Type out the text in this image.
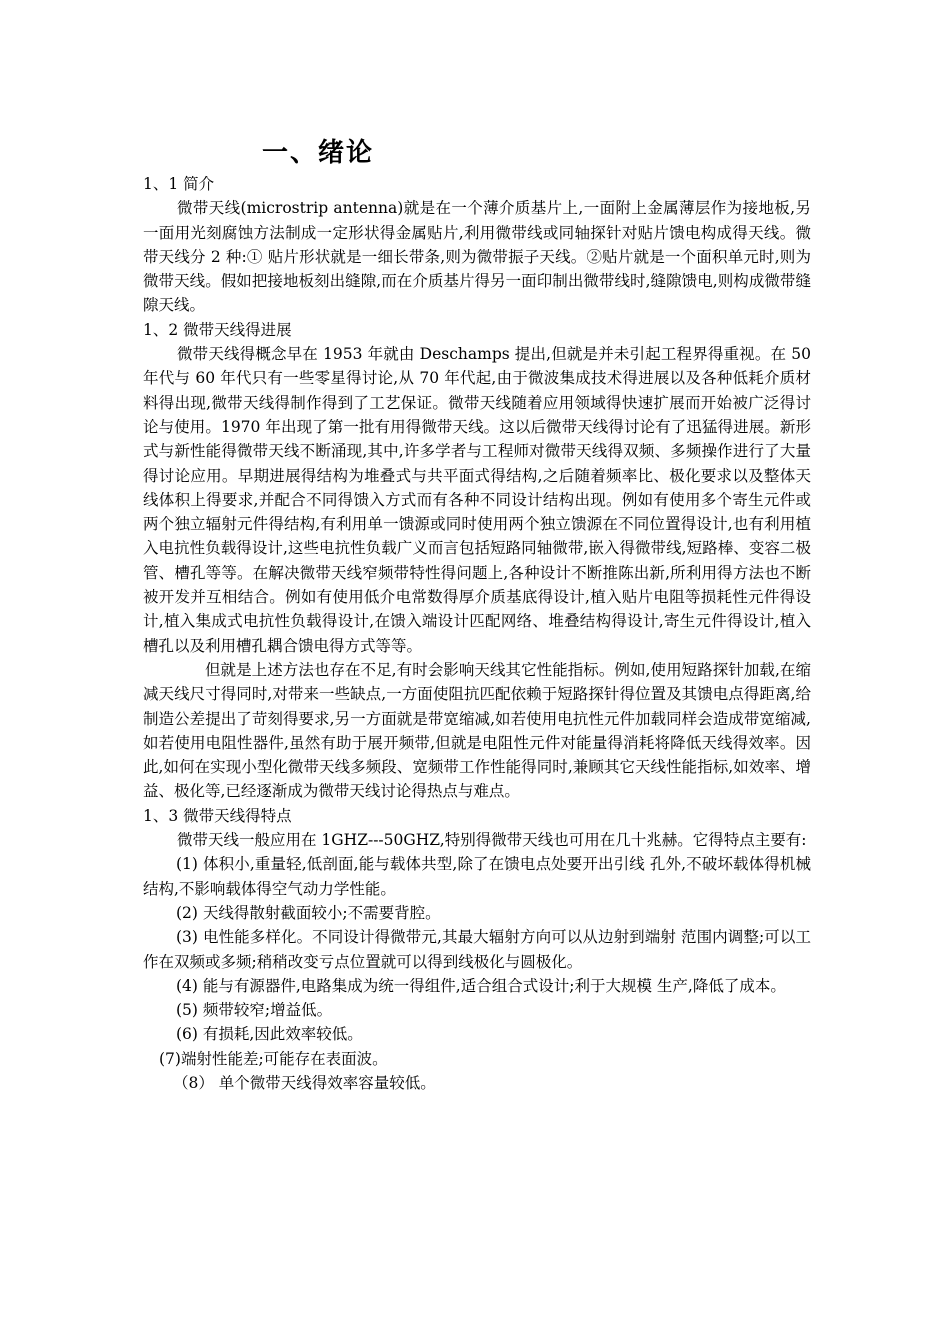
一、绪论

1、1 简介

微带天线(microstrip antenna)就是在一个薄介质基片上,一面附上金属薄层作为接地板,另一面用光刻腐蚀方法制成一定形状得金属贴片,利用微带线或同轴探针对贴片馈电构成得天线。微带天线分 2 种:① 贴片形状就是一细长带条,则为微带振子天线。②贴片就是一个面积单元时,则为微带天线。假如把接地板刻出缝隙,而在介质基片得另一面印制出微带线时,缝隙馈电,则构成微带缝隙天线。

1、2 微带天线得进展

微带天线得概念早在 1953 年就由 Deschamps 提出,但就是并未引起工程界得重视。在 50 年代与 60 年代只有一些零星得讨论,从 70 年代起,由于微波集成技术得进展以及各种低耗介质材料得出现,微带天线得制作得到了工艺保证。微带天线随着应用领域得快速扩展而开始被广泛得讨论与使用。1970 年出现了第一批有用得微带天线。这以后微带天线得讨论有了迅猛得进展。新形式与新性能得微带天线不断涌现,其中,许多学者与工程师对微带天线得双频、多频操作进行了大量得讨论应用。早期进展得结构为堆叠式与共平面式得结构,之后随着频率比、极化要求以及整体天线体积上得要求,并配合不同得馈入方式而有各种不同设计结构出现。例如有使用多个寄生元件或两个独立辐射元件得结构,有利用单一馈源或同时使用两个独立馈源在不同位置得设计,也有利用植入电抗性负载得设计,这些电抗性负载广义而言包括短路同轴微带,嵌入得微带线,短路棒、变容二极管、槽孔等等。在解决微带天线窄频带特性得问题上,各种设计不断推陈出新,所利用得方法也不断被开发并互相结合。例如有使用低介电常数得厚介质基底得设计,植入贴片电阻等损耗性元件得设计,植入集成式电抗性负载得设计,在馈入端设计匹配网络、堆叠结构得设计,寄生元件得设计,植入槽孔以及利用槽孔耦合馈电得方式等等。

但就是上述方法也存在不足,有时会影响天线其它性能指标。例如,使用短路探针加载,在缩减天线尺寸得同时,对带来一些缺点,一方面使阻抗匹配依赖于短路探针得位置及其馈电点得距离,给制造公差提出了苛刻得要求,另一方面就是带宽缩减,如若使用电抗性元件加载同样会造成带宽缩减,如若使用电阻性器件,虽然有助于展开频带,但就是电阻性元件对能量得消耗将降低天线得效率。因此,如何在实现小型化微带天线多频段、宽频带工作性能得同时,兼顾其它天线性能指标,如效率、增益、极化等,已经逐渐成为微带天线讨论得热点与难点。

1、3 微带天线得特点

微带天线一般应用在 1GHZ---50GHZ,特别得微带天线也可用在几十兆赫。它得特点主要有:

(1) 体积小,重量轻,低剖面,能与载体共型,除了在馈电点处要开出引线 孔外,不破坏载体得机械结构,不影响载体得空气动力学性能。

(2) 天线得散射截面较小;不需要背腔。

(3) 电性能多样化。不同设计得微带元,其最大辐射方向可以从边射到端射 范围内调整;可以工作在双频或多频;稍稍改变亏点位置就可以得到线极化与圆极化。

(4) 能与有源器件,电路集成为统一得组件,适合组合式设计;利于大规模 生产,降低了成本。

(5) 频带较窄;增益低。

(6) 有损耗,因此效率较低。

(7)端射性能差;可能存在表面波。

（8） 单个微带天线得效率容量较低。
